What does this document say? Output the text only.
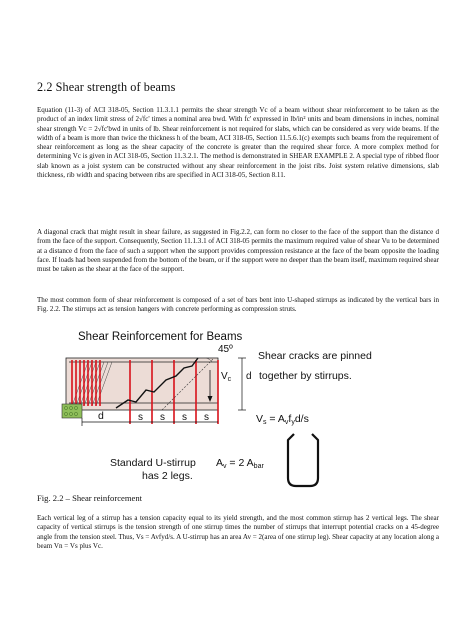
2.2 Shear strength of beams
Equation (11-3) of ACI 318-05, Section 11.3.1.1 permits the shear strength Vc of a beam without shear reinforcement to be taken as the product of an index limit stress of 2√fc' times a nominal area bwd. With fc' expressed in lb/in² units and beam dimensions in inches, nominal shear strength Vc = 2√fc'bwd in units of lb. Shear reinforcement is not required for slabs, which can be considered as very wide beams. If the width of a beam is more than twice the thickness h of the beam, ACI 318-05, Section 11.5.6.1(c) exempts such beams from the requirement of shear reinforcement as long as the shear capacity of the concrete is greater than the required shear force. A more complex method for determining Vc is given in ACI 318-05, Section 11.3.2.1. The method is demonstrated in SHEAR EXAMPLE 2. A special type of ribbed floor slab known as a joist system can be constructed without any shear reinforcement in the joist ribs. Joist system relative dimensions, slab thickness, rib width and spacing between ribs are specified in ACI 318-05, Section 8.11.
A diagonal crack that might result in shear failure, as suggested in Fig.2.2, can form no closer to the face of the support than the distance d from the face of the support. Consequently, Section 11.1.3.1 of ACI 318-05 permits the maximum required value of shear Vu to be determined at a distance d from the face of such a support when the support provides compression resistance at the face of the beam opposite the loading face. If loads had been suspended from the bottom of the beam, or if the support were no deeper than the beam itself, maximum required shear must be taken as the shear at the face of the support.
The most common form of shear reinforcement is composed of a set of bars bent into U-shaped stirrups as indicated by the vertical bars in Fig. 2.2. The stirrups act as tension hangers with concrete performing as compression struts.
Shear Reinforcement for Beams
45º
$V_c$ d
Shear cracks are pinned
together by stirrups.
d	s s s s	Vs = Avfyd/s
Standard U-stirrup
has 2 legs.
Av = 2 Abar
Fig. 2.2 – Shear reinforcement
Each vertical leg of a stirrup has a tension capacity equal to its yield strength, and the most common stirrup has 2 vertical legs. The shear capacity of vertical stirrups is the tension strength of one stirrup times the number of stirrups that interrupt potential cracks on a 45-degree angle from the tension steel. Thus, Vs = Avfyd/s. A U-stirrup has an area Av = 2(area of one stirrup leg). Shear capacity at any location along a beam Vn = Vs plus Vc.
